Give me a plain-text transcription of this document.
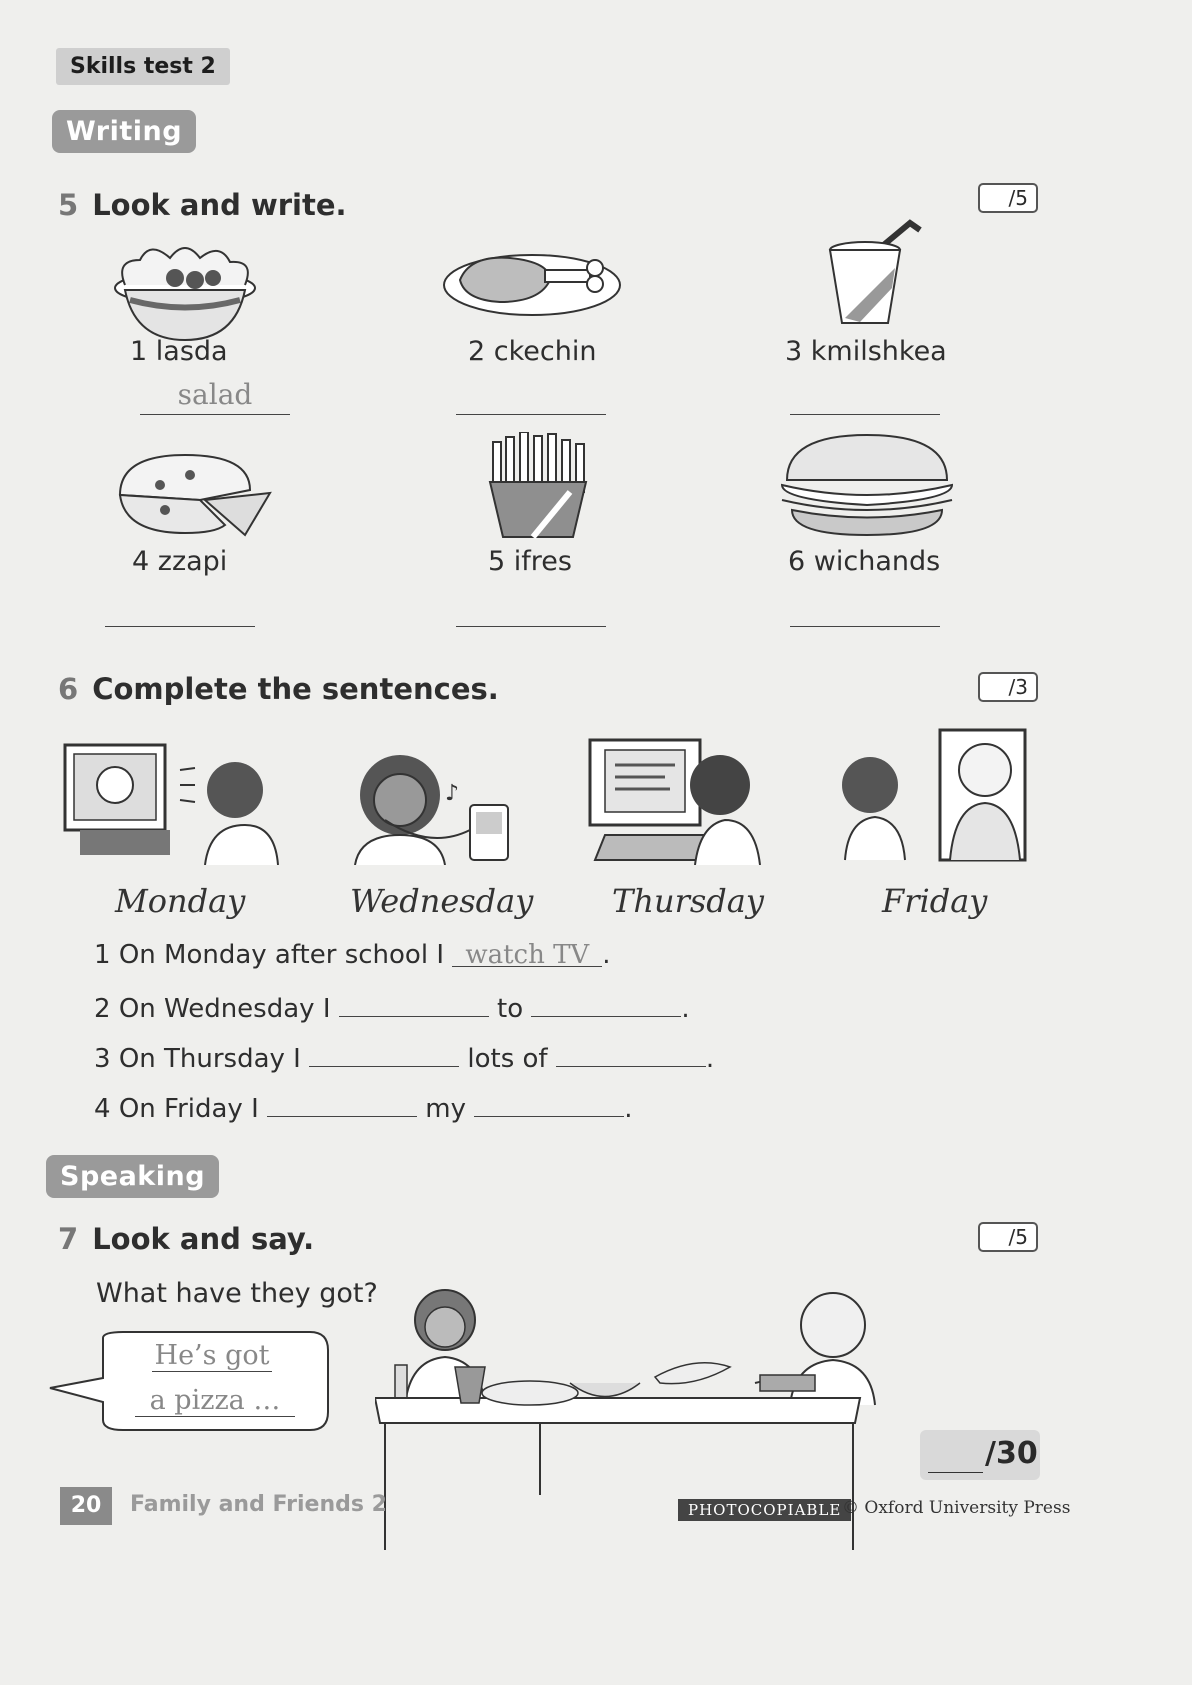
Skills test 2
Writing
5 Look and write.	/5
1 lasda	2 ckechin	3 kmilshkea
salad
4 zzapi	5 ifres	6 wichands
6 Complete the sentences.	/3
♪
Monday	Wednesday Thursday	Friday
1 On Monday after school I watch TV .
2 On Wednesday I	to	.
3 On Thursday I	lots of	.
4 On Friday I	my	.
Speaking
7 Look and say.	/5
What have they got?
He’s got
a pizza …
/30
20	Family and Friends 2	PHOTOCOPIABLE © Oxford University Press
